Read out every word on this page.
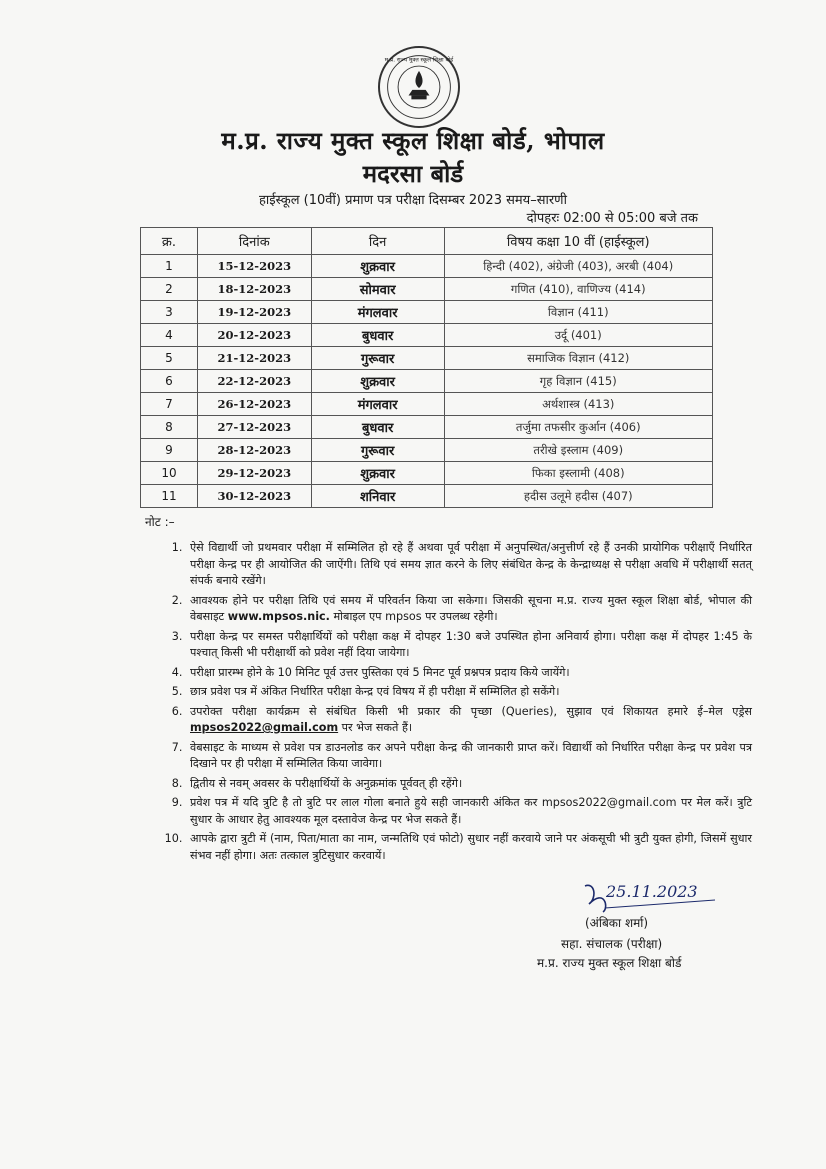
म.प्र. राज्य मुक्त स्कूल शिक्षा बोर्ड
म.प्र. राज्य मुक्त स्कूल शिक्षा बोर्ड, भोपाल
मदरसा बोर्ड
हाईस्कूल (10वीं) प्रमाण पत्र परीक्षा दिसम्बर 2023 समय–सारणी
दोपहरः 02:00 से 05:00 बजे तक
क्र.	दिनांक	दिन	विषय कक्षा 10 वीं (हाईस्कूल)
1	15-12-2023	शुक्रवार	हिन्दी (402), अंग्रेजी (403), अरबी (404)
2	18-12-2023	सोमवार	गणित (410), वाणिज्य (414)
3	19-12-2023	मंगलवार	विज्ञान (411)
4	20-12-2023	बुधवार	उर्दू (401)
5	21-12-2023	गुरूवार	समाजिक विज्ञान (412)
6	22-12-2023	शुक्रवार	गृह विज्ञान (415)
7	26-12-2023	मंगलवार	अर्थशास्त्र (413)
8	27-12-2023	बुधवार	तर्जुमा तफसीर कुर्आन (406)
9	28-12-2023	गुरूवार	तरीखे इस्लाम (409)
10	29-12-2023	शुक्रवार	फिका इस्लामी (408)
11	30-12-2023	शनिवार	हदीस उलूमे हदीस (407)
नोट :–
1. ऐसे विद्यार्थी जो प्रथमवार परीक्षा में सम्मिलित हो रहे हैं अथवा पूर्व परीक्षा में अनुपस्थित/अनुत्तीर्ण रहे हैं उनकी प्रायोगिक परीक्षाएँ निर्धारित परीक्षा केन्द्र पर ही आयोजित की जाऐंगी। तिथि एवं समय ज्ञात करने के लिए संबंधित केन्द्र के केन्द्राध्यक्ष से परीक्षा अवधि में परीक्षार्थी सतत् संपर्क बनाये रखेंगे।
2. आवश्यक होने पर परीक्षा तिथि एवं समय में परिवर्तन किया जा सकेगा। जिसकी सूचना म.प्र. राज्य मुक्त स्कूल शिक्षा बोर्ड, भोपाल की वेबसाइट www.mpsos.nic. मोबाइल एप mpsos पर उपलब्ध रहेगी।
3. परीक्षा केन्द्र पर समस्त परीक्षार्थियों को परीक्षा कक्ष में दोपहर 1:30 बजे उपस्थित होना अनिवार्य होगा। परीक्षा कक्ष में दोपहर 1:45 के पश्चात् किसी भी परीक्षार्थी को प्रवेश नहीं दिया जायेगा।
4. परीक्षा प्रारम्भ होने के 10 मिनिट पूर्व उत्तर पुस्तिका एवं 5 मिनट पूर्व प्रश्नपत्र प्रदाय किये जायेंगे।
5. छात्र प्रवेश पत्र में अंकित निर्धारित परीक्षा केन्द्र एवं विषय में ही परीक्षा में सम्मिलित हो सकेंगे।
6. उपरोक्त परीक्षा कार्यक्रम से संबंधित किसी भी प्रकार की पृच्छा (Queries), सुझाव एवं शिकायत हमारे ई–मेल एड्रेस mpsos2022@gmail.com पर भेज सकते हैं।
7. वेबसाइट के माध्यम से प्रवेश पत्र डाउनलोड कर अपने परीक्षा केन्द्र की जानकारी प्राप्त करें। विद्यार्थी को निर्धारित परीक्षा केन्द्र पर प्रवेश पत्र दिखाने पर ही परीक्षा में सम्मिलित किया जावेगा।
8. द्वितीय से नवम् अवसर के परीक्षार्थियों के अनुक्रमांक पूर्ववत् ही रहेंगे।
9. प्रवेश पत्र में यदि त्रुटि है तो त्रुटि पर लाल गोला बनाते हुये सही जानकारी अंकित कर mpsos2022@gmail.com पर मेल करें। त्रुटि सुधार के आधार हेतु आवश्यक मूल दस्तावेज केन्द्र पर भेज सकते हैं।
10. आपके द्वारा त्रुटी में (नाम, पिता/माता का नाम, जन्मतिथि एवं फोटो) सुधार नहीं करवाये जाने पर अंकसूची भी त्रुटी युक्त होगी, जिसमें सुधार संभव नहीं होगा। अतः तत्काल त्रुटिसुधार करवायें।
25.11.2023
(अंबिका शर्मा)
सहा. संचालक (परीक्षा)
म.प्र. राज्य मुक्त स्कूल शिक्षा बोर्ड
